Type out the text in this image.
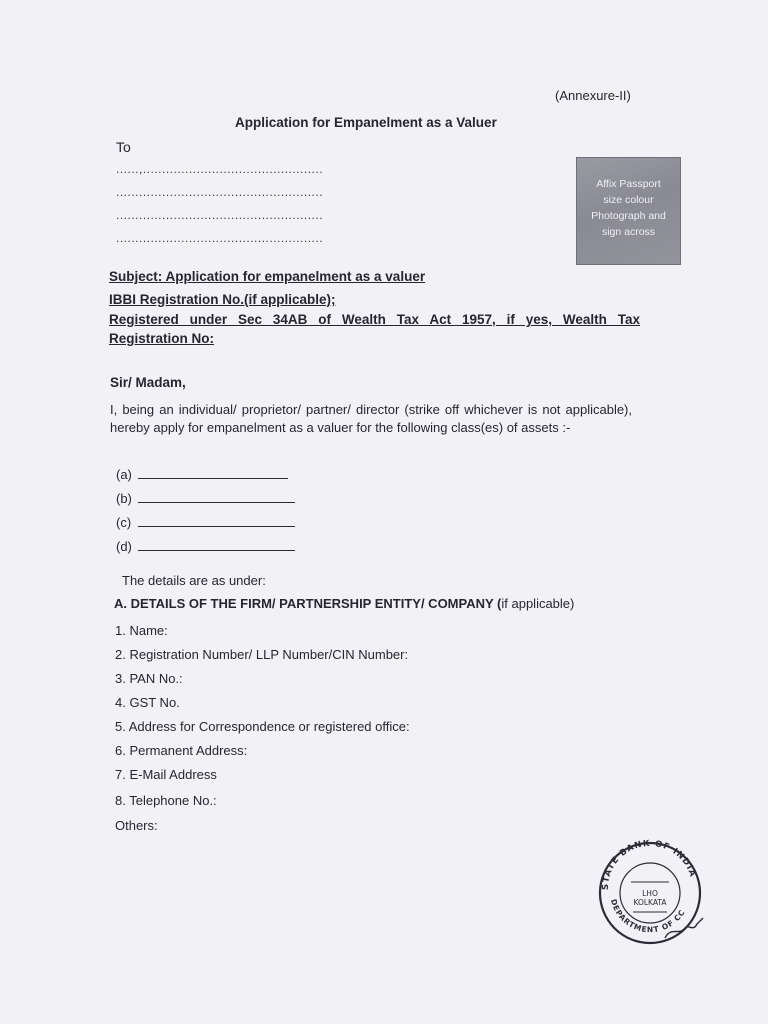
(Annexure-II)
Application for Empanelment as a Valuer
To
......,...............................................
......................................................
......................................................
......................................................
Affix Passport
size colour
Photograph and
sign across
Subject: Application for empanelment as a valuer
IBBI Registration No.(if applicable);
Registered under Sec 34AB of Wealth Tax Act 1957, if yes, Wealth Tax
Registration No:
Sir/ Madam,
I, being an individual/ proprietor/ partner/ director (strike off whichever is not applicable), hereby apply for empanelment as a valuer for the following class(es) of assets :-
(a)
(b)
(c)
(d)
The details are as under:
A. DETAILS OF THE FIRM/ PARTNERSHIP ENTITY/ COMPANY (if applicable)
1. Name:
2. Registration Number/ LLP Number/CIN Number:
3. PAN No.:
4. GST No.
5. Address for Correspondence or registered office:
6. Permanent Address:
7. E-Mail Address
8. Telephone No.:
Others:
STATE BANK OF INDIA
DEPARTMENT OF CC
LHO
KOLKATA
